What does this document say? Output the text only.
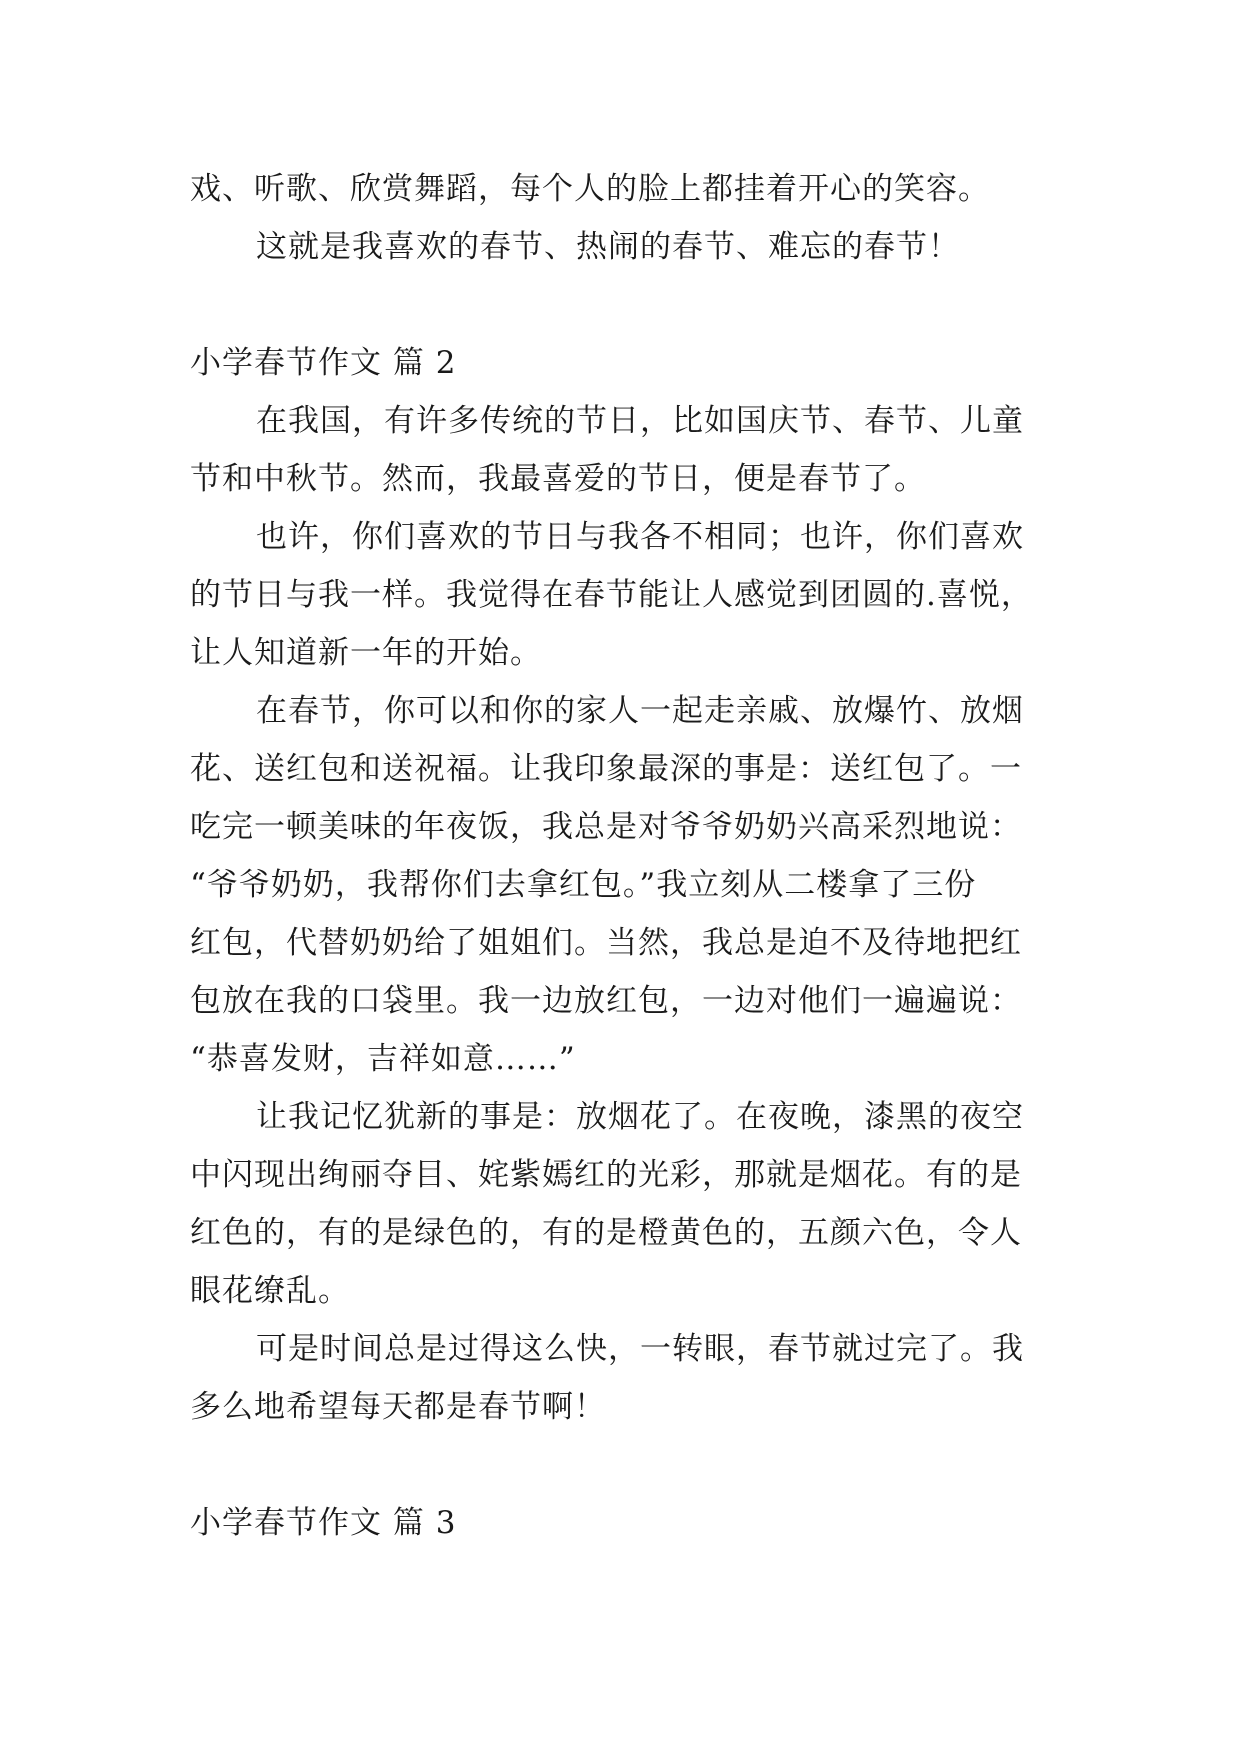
戏、听歌、欣赏舞蹈，每个人的脸上都挂着开心的笑容。
这就是我喜欢的春节、热闹的春节、难忘的春节！
小学春节作文 篇 2
在我国，有许多传统的节日，比如国庆节、春节、儿童
节和中秋节。然而，我最喜爱的节日，便是春节了。
也许，你们喜欢的节日与我各不相同；也许，你们喜欢
的节日与我一样。我觉得在春节能让人感觉到团圆的.喜悦，
让人知道新一年的开始。
在春节，你可以和你的家人一起走亲戚、放爆竹、放烟
花、送红包和送祝福。让我印象最深的事是：送红包了。一
吃完一顿美味的年夜饭，我总是对爷爷奶奶兴高采烈地说：
“爷爷奶奶，我帮你们去拿红包。”我立刻从二楼拿了三份
红包，代替奶奶给了姐姐们。当然，我总是迫不及待地把红
包放在我的口袋里。我一边放红包，一边对他们一遍遍说：
“恭喜发财，吉祥如意……”
让我记忆犹新的事是：放烟花了。在夜晚，漆黑的夜空
中闪现出绚丽夺目、姹紫嫣红的光彩，那就是烟花。有的是
红色的，有的是绿色的，有的是橙黄色的，五颜六色，令人
眼花缭乱。
可是时间总是过得这么快，一转眼，春节就过完了。我
多么地希望每天都是春节啊！
小学春节作文 篇 3
